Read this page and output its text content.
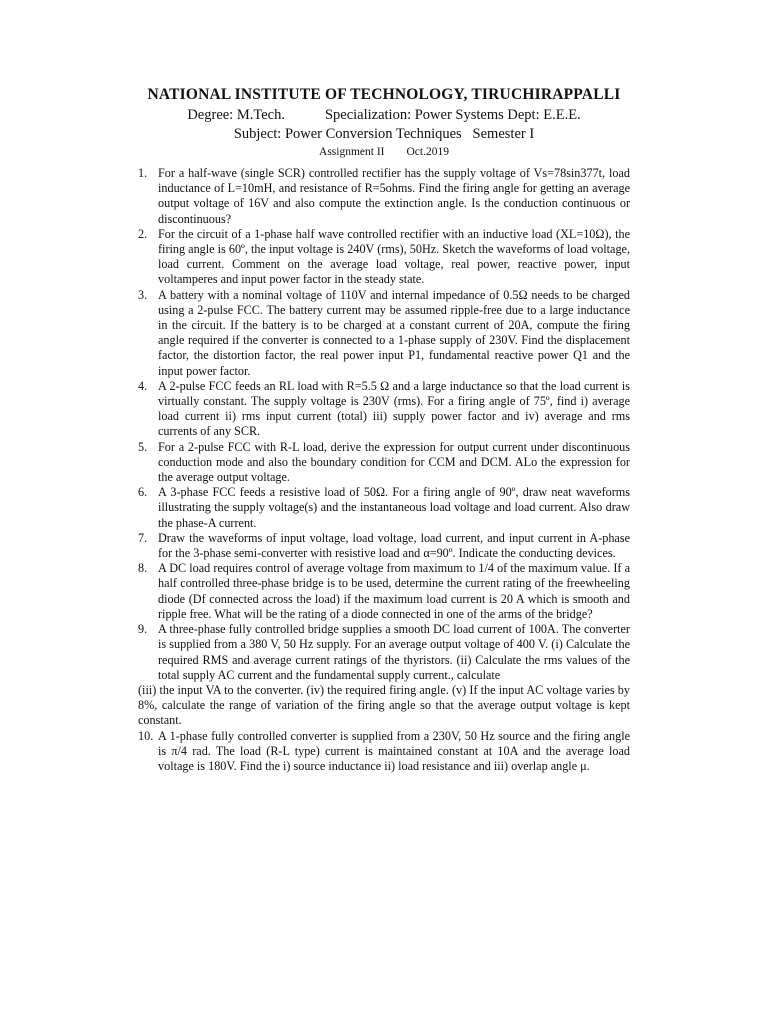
NATIONAL INSTITUTE OF TECHNOLOGY, TIRUCHIRAPPALLI
Degree: M.Tech.	Specialization: Power Systems Dept: E.E.E.
Subject: Power Conversion Techniques   Semester I
Assignment II Oct.2019
1. For a half-wave (single SCR) controlled rectifier has the supply voltage of Vs=78sin377t, load inductance of L=10mH, and resistance of R=5ohms. Find the firing angle for getting an average output voltage of 16V and also compute the extinction angle. Is the conduction continuous or discontinuous?
2. For the circuit of a 1-phase half wave controlled rectifier with an inductive load (XL=10Ω), the firing angle is 60º, the input voltage is 240V (rms), 50Hz. Sketch the waveforms of load voltage, load current. Comment on the average load voltage, real power, reactive power, input voltamperes and input power factor in the steady state.
3. A battery with a nominal voltage of 110V and internal impedance of 0.5Ω needs to be charged using a 2-pulse FCC. The battery current may be assumed ripple-free due to a large inductance in the circuit. If the battery is to be charged at a constant current of 20A, compute the firing angle required if the converter is connected to a 1-phase supply of 230V. Find the displacement factor, the distortion factor, the real power input P1, fundamental reactive power Q1 and the input power factor.
4. A 2-pulse FCC feeds an RL load with R=5.5 Ω and a large inductance so that the load current is virtually constant. The supply voltage is 230V (rms). For a firing angle of 75º, find i) average load current ii) rms input current (total) iii) supply power factor and iv) average and rms currents of any SCR.
5. For a 2-pulse FCC with R-L load, derive the expression for output current under discontinuous conduction mode and also the boundary condition for CCM and DCM. ALo the expression for the average output voltage.
6. A 3-phase FCC feeds a resistive load of 50Ω. For a firing angle of 90º, draw neat waveforms illustrating the supply voltage(s) and the instantaneous load voltage and load current. Also draw the phase-A current.
7. Draw the waveforms of input voltage, load voltage, load current, and input current in A-phase for the 3-phase semi-converter with resistive load and α=90º. Indicate the conducting devices.
8. A DC load requires control of average voltage from maximum to 1/4 of the maximum value. If a half controlled three-phase bridge is to be used, determine the current rating of the freewheeling diode (Df connected across the load) if the maximum load current is 20 A which is smooth and ripple free. What will be the rating of a diode connected in one of the arms of the bridge?
9. A three-phase fully controlled bridge supplies a smooth DC load current of 100A. The converter is supplied from a 380 V, 50 Hz supply. For an average output voltage of 400 V. (i) Calculate the required RMS and average current ratings of the thyristors. (ii) Calculate the rms values of the total supply AC current and the fundamental supply current., calculate
(iii) the input VA to the converter. (iv) the required firing angle. (v) If the input AC voltage varies by 8%, calculate the range of variation of the firing angle so that the average output voltage is kept constant.
10. A 1-phase fully controlled converter is supplied from a 230V, 50 Hz source and the firing angle is π/4 rad. The load (R-L type) current is maintained constant at 10A and the average load voltage is 180V. Find the i) source inductance ii) load resistance and iii) overlap angle μ.
